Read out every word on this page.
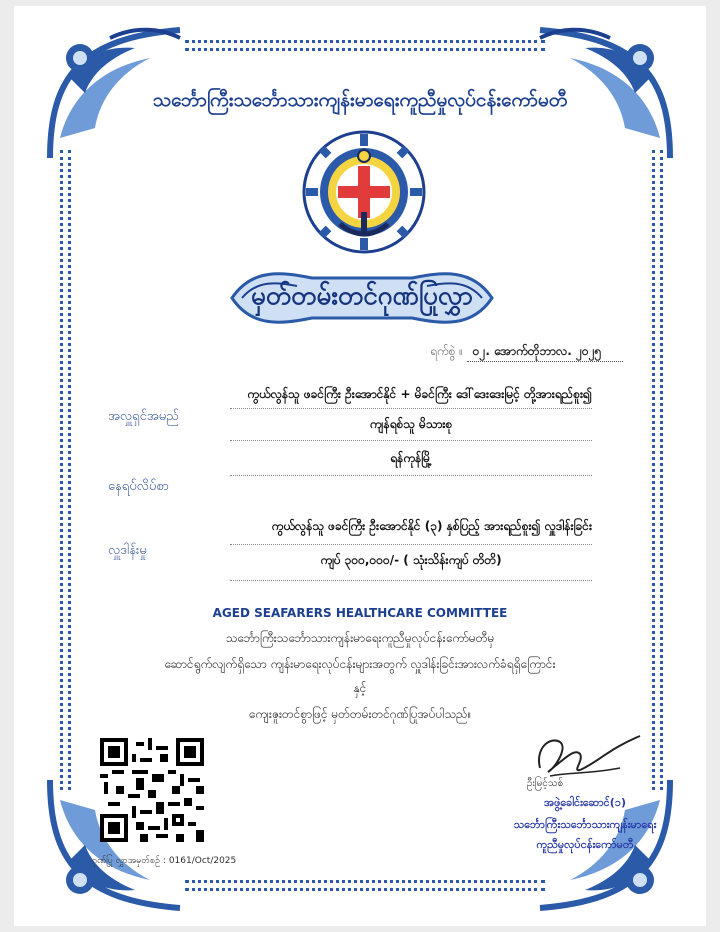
သင်္ဘောကြီးသင်္ဘောသားကျန်းမာရေးကူညီမှုလုပ်ငန်းကော်မတီ
မှတ်တမ်းတင်ဂုဏ်ပြုလွှာ
ရက်စွဲ ။ ၀၂. အောက်တိုဘာလ. ၂၀၂၅
အလှူရှင်အမည်
ကွယ်လွန်သူ ဖခင်ကြီး ဦးအောင်နိုင် + မိခင်ကြီး ဒေါ်ဒေးဒေးမြင့် တို့အားရည်စူး၍
ကျန်ရစ်သူ မိသားစု
နေရပ်လိပ်စာ
ရန်ကုန်မြို့
လှူဒါန်းမှု
ကွယ်လွန်သူ ဖခင်ကြီး ဦးအောင်နိုင် (၃) နှစ်ပြည့် အားရည်စူး၍ လှူဒါန်းခြင်း
ကျပ် ၃၀၀,၀၀၀/- ( သုံးသိန်းကျပ် တိတိ)
AGED SEAFARERS HEALTHCARE COMMITTEE
သင်္ဘောကြီးသင်္ဘောသားကျန်းမာရေးကူညီမှုလုပ်ငန်းကော်မတီမှ
ဆောင်ရွက်လျက်ရှိသော ကျန်းမာရေးလုပ်ငန်းများအတွက် လှူဒါန်းခြင်းအားလက်ခံရရှိကြောင်း
နှင့်
ကျေးဇူးတင်စွာဖြင့် မှတ်တမ်းတင်ဂုဏ်ပြုအပ်ပါသည်။
ဂုဏ်ပြု လွှာအမှတ်စဉ် : 0161/Oct/2025
ဦးမြင့်သစ်
အဖွဲ့ခေါင်းဆောင်(၁)
သင်္ဘောကြီးသင်္ဘောသားကျန်းမာရေး
ကူညီမှုလုပ်ငန်းကော်မတီ
